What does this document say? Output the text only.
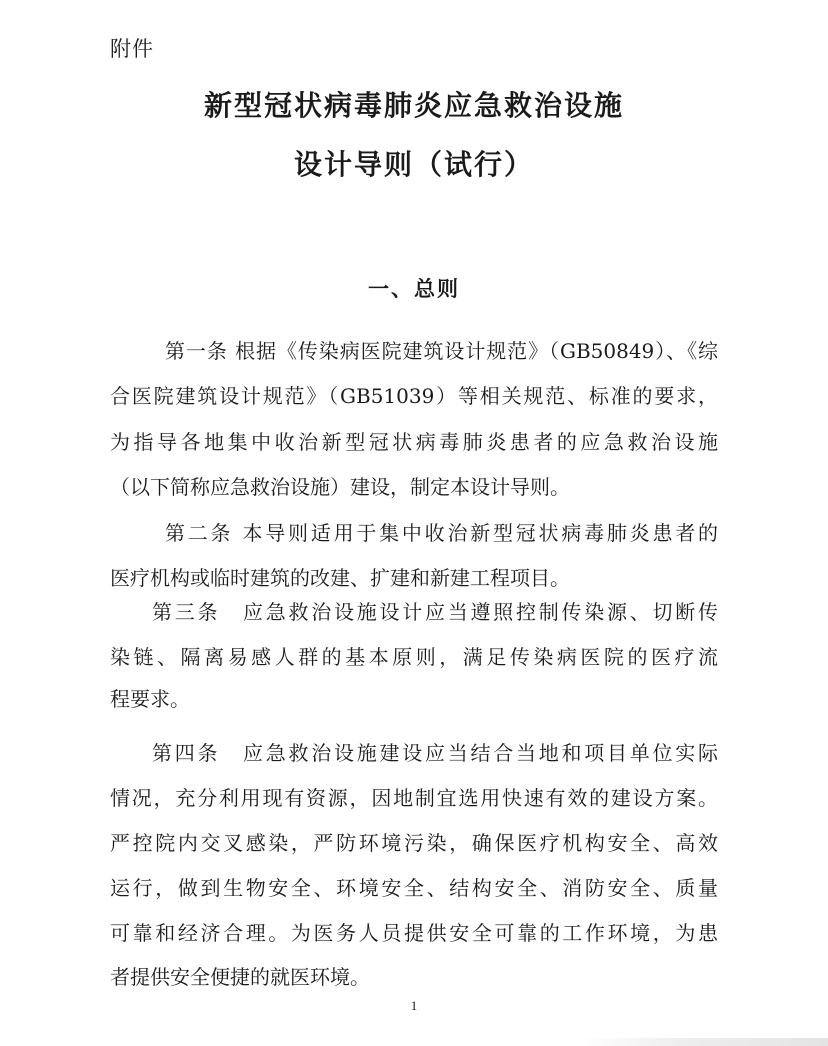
附件
新型冠状病毒肺炎应急救治设施
设计导则（试行）
一、总则
第一条 根据《传染病医院建筑设计规范》（GB50849）、《综
合医院建筑设计规范》（GB51039）等相关规范、标准的要求，
为指导各地集中收治新型冠状病毒肺炎患者的应急救治设施
（以下简称应急救治设施）建设，制定本设计导则。
第二条 本导则适用于集中收治新型冠状病毒肺炎患者的
医疗机构或临时建筑的改建、扩建和新建工程项目。
第三条　应急救治设施设计应当遵照控制传染源、切断传
染链、隔离易感人群的基本原则，满足传染病医院的医疗流
程要求。
第四条　应急救治设施建设应当结合当地和项目单位实际
情况，充分利用现有资源，因地制宜选用快速有效的建设方案。
严控院内交叉感染，严防环境污染，确保医疗机构安全、高效
运行，做到生物安全、环境安全、结构安全、消防安全、质量
可靠和经济合理。为医务人员提供安全可靠的工作环境，为患
者提供安全便捷的就医环境。
1
